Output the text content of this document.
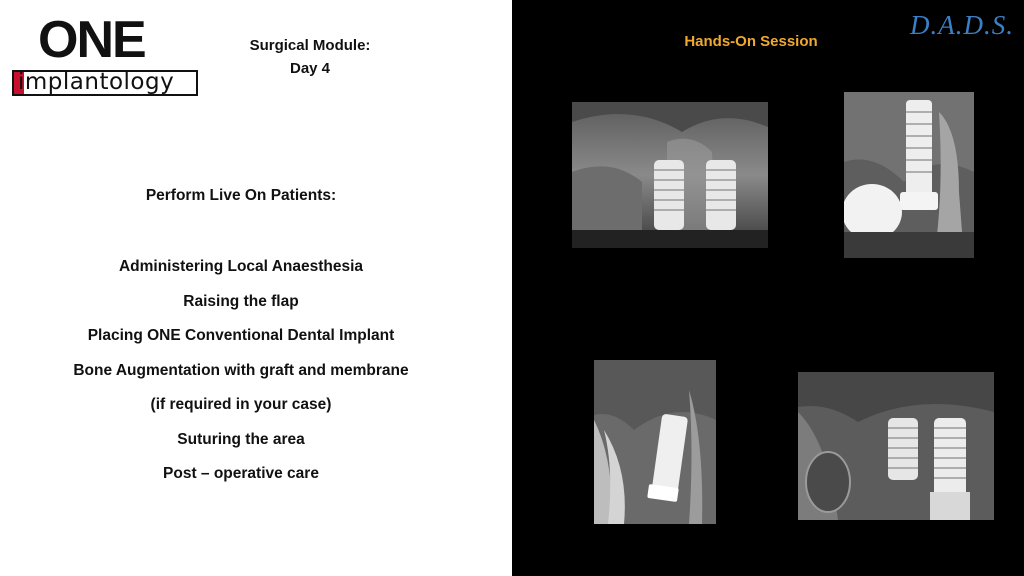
ONE
implantology
Surgical Module:
Day 4
Perform Live On Patients:
Administering Local Anaesthesia
Raising the flap
Placing ONE Conventional Dental Implant
Bone Augmentation with graft and membrane
(if required in your case)
Suturing the area
Post – operative care
Hands-On Session
D.A.D.S.
